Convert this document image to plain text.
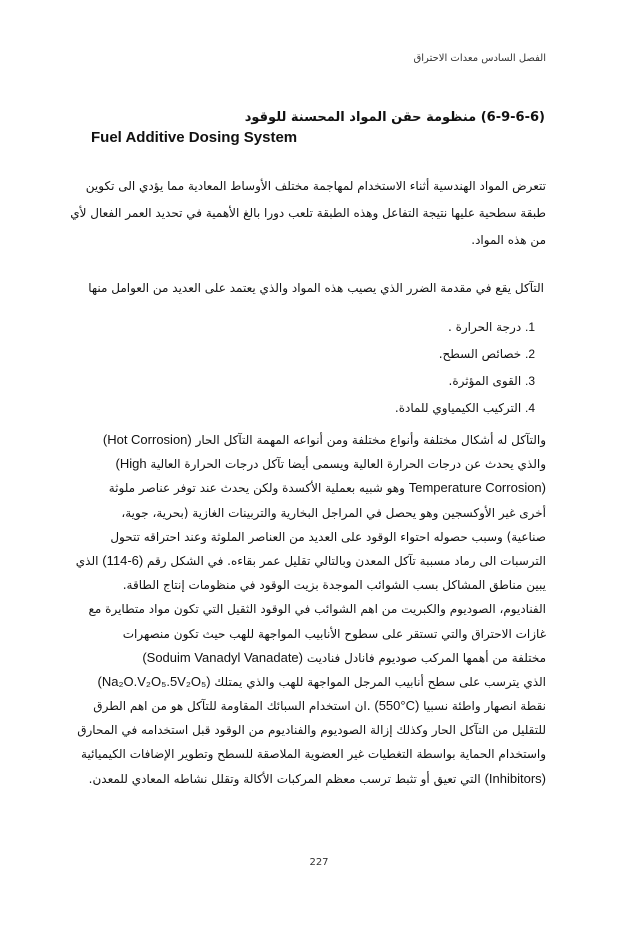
الفصل السادس معدات الاحتراق
(6-9-6-6) منظومة حقن المواد المحسنة للوقود
Fuel Additive Dosing System
تتعرض المواد الهندسية أثناء الاستخدام لمهاجمة مختلف الأوساط المعادية مما يؤدي الى تكوين
طبقة سطحية عليها نتيجة التفاعل وهذه الطبقة تلعب دورا بالغ الأهمية في تحديد العمر الفعال لأي
من هذه المواد.
التآكل يقع في مقدمة الضرر الذي يصيب هذه المواد والذي يعتمد على العديد من العوامل منها
1. درجة الحرارة .
2. خصائص السطح.
3. القوى المؤثرة.
4. التركيب الكيمياوي للمادة.
والتآكل له أشكال مختلفة وأنواع مختلفة ومن أنواعه المهمة التآكل الحار (Hot Corrosion)
والذي يحدث عن درجات الحرارة العالية ويسمى أيضا تآكل درجات الحرارة العالية (High
Temperature Corrosion) وهو شبيه بعملية الأكسدة ولكن يحدث عند توفر عناصر ملوثة
أخرى غير الأوكسجين وهو يحصل في المراجل البخارية والتربينات الغازية (بحرية، جوية،
صناعية) وسبب حصوله احتواء الوقود على العديد من العناصر الملوثة وعند احتراقه تتحول
الترسبات الى رماد مسببة تآكل المعدن وبالتالي تقليل عمر بقاءه. في الشكل رقم (114-6) الذي
يبين مناطق المشاكل بسب الشوائب الموجدة بزيت الوقود في منظومات إنتاج الطاقة.
الفناديوم، الصوديوم والكبريت من اهم الشوائب في الوقود الثقيل التي تكون مواد متطايرة مع
غازات الاحتراق والتي تستقر على سطوح الأنابيب المواجهة للهب حيث تكون منصهرات
مختلفة من أهمها المركب صوديوم فانادل فناديت (Soduim Vanadyl Vanadate)
الذي يترسب على سطح أنابيب المرجل المواجهة للهب والذي يمتلك (Na₂O.V₂O₅.5V₂O₅)
نقطة انصهار واطئة نسبيا (550°C) .ان استخدام السبائك المقاومة للتآكل هو من اهم الطرق
للتقليل من التآكل الحار وكذلك إزالة الصوديوم والفناديوم من الوقود قبل استخدامه في المحارق
واستخدام الحماية بواسطة التغطيات غير العضوية الملاصقة للسطح وتطوير الإضافات الكيميائية
(Inhibitors) التي تعيق أو تثبط ترسب معظم المركبات الأكالة وتقلل نشاطه المعادي للمعدن.
227
